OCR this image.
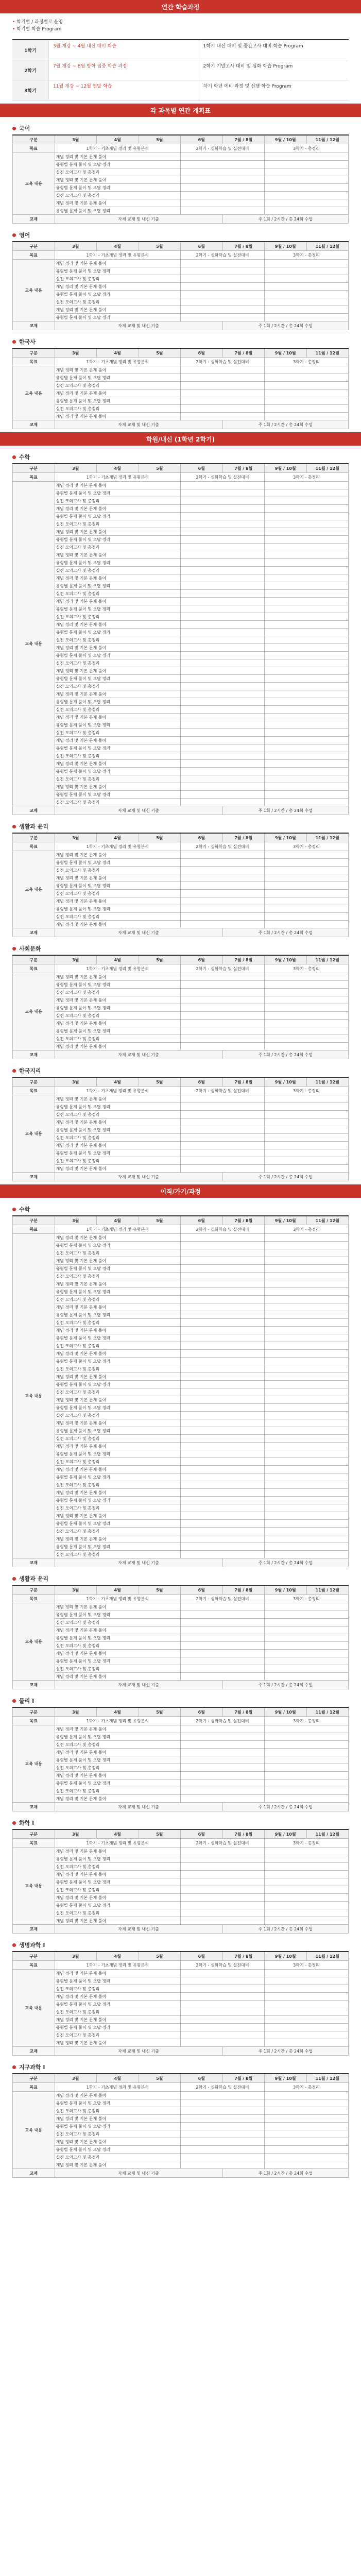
연간 학습과정
• 학기별 / 과정별로 운영
• 학기별 학습 Program
1학기
3월 개강 ~ 4월 내신 대비 학습	1학기 내신 대비 및 중간고사 대비 학습 Program
2학기
7월 개강 ~ 8월 방학 집중 학습 과정	2학기 기말고사 대비 및 심화 학습 Program
3학기
11월 개강 ~ 12월 연말 학습	차기 학년 예비 과정 및 선행 학습 Program
각 과목별 연간 계획표
국어
구분	3월	4월	5월	6월	7월 / 8월	9월 / 10월	11월 / 12월
목표	1학기 - 기초개념 정리 및 유형분석			2학기 - 심화학습 및 실전대비		3학기 - 총정리	
교육 내용	개념 정리 및 기본 문제 풀이						
	유형별 문제 풀이 및 오답 정리						
	실전 모의고사 및 총정리						
	개념 정리 및 기본 문제 풀이						
	유형별 문제 풀이 및 오답 정리						
	실전 모의고사 및 총정리						
	개념 정리 및 기본 문제 풀이						
	유형별 문제 풀이 및 오답 정리						
교재	자체 교재 및 내신 기출				주 1회 / 2시간 / 총 24회 수업		
영어
구분	3월	4월	5월	6월	7월 / 8월	9월 / 10월	11월 / 12월
목표	1학기 - 기초개념 정리 및 유형분석			2학기 - 심화학습 및 실전대비		3학기 - 총정리	
교육 내용	개념 정리 및 기본 문제 풀이						
	유형별 문제 풀이 및 오답 정리						
	실전 모의고사 및 총정리						
	개념 정리 및 기본 문제 풀이						
	유형별 문제 풀이 및 오답 정리						
	실전 모의고사 및 총정리						
	개념 정리 및 기본 문제 풀이						
	유형별 문제 풀이 및 오답 정리						
교재	자체 교재 및 내신 기출				주 1회 / 2시간 / 총 24회 수업		
한국사
구분	3월	4월	5월	6월	7월 / 8월	9월 / 10월	11월 / 12월
목표	1학기 - 기초개념 정리 및 유형분석			2학기 - 심화학습 및 실전대비		3학기 - 총정리	
교육 내용	개념 정리 및 기본 문제 풀이						
	유형별 문제 풀이 및 오답 정리						
	실전 모의고사 및 총정리						
	개념 정리 및 기본 문제 풀이						
	유형별 문제 풀이 및 오답 정리						
	실전 모의고사 및 총정리						
	개념 정리 및 기본 문제 풀이						
교재	자체 교재 및 내신 기출				주 1회 / 2시간 / 총 24회 수업		
학원/내신 (1학년 2학기)
수학
구분	3월	4월	5월	6월	7월 / 8월	9월 / 10월	11월 / 12월
목표	1학기 - 기초개념 정리 및 유형분석			2학기 - 심화학습 및 실전대비		3학기 - 총정리	
교육 내용	개념 정리 및 기본 문제 풀이						
	유형별 문제 풀이 및 오답 정리						
	실전 모의고사 및 총정리						
	개념 정리 및 기본 문제 풀이						
	유형별 문제 풀이 및 오답 정리						
	실전 모의고사 및 총정리						
	개념 정리 및 기본 문제 풀이						
	유형별 문제 풀이 및 오답 정리						
	실전 모의고사 및 총정리						
	개념 정리 및 기본 문제 풀이						
	유형별 문제 풀이 및 오답 정리						
	실전 모의고사 및 총정리						
	개념 정리 및 기본 문제 풀이						
	유형별 문제 풀이 및 오답 정리						
	실전 모의고사 및 총정리						
	개념 정리 및 기본 문제 풀이						
	유형별 문제 풀이 및 오답 정리						
	실전 모의고사 및 총정리						
	개념 정리 및 기본 문제 풀이						
	유형별 문제 풀이 및 오답 정리						
	실전 모의고사 및 총정리						
	개념 정리 및 기본 문제 풀이						
	유형별 문제 풀이 및 오답 정리						
	실전 모의고사 및 총정리						
	개념 정리 및 기본 문제 풀이						
	유형별 문제 풀이 및 오답 정리						
	실전 모의고사 및 총정리						
	개념 정리 및 기본 문제 풀이						
	유형별 문제 풀이 및 오답 정리						
	실전 모의고사 및 총정리						
	개념 정리 및 기본 문제 풀이						
	유형별 문제 풀이 및 오답 정리						
	실전 모의고사 및 총정리						
	개념 정리 및 기본 문제 풀이						
	유형별 문제 풀이 및 오답 정리						
	실전 모의고사 및 총정리						
	개념 정리 및 기본 문제 풀이						
	유형별 문제 풀이 및 오답 정리						
	실전 모의고사 및 총정리						
	개념 정리 및 기본 문제 풀이						
	유형별 문제 풀이 및 오답 정리						
	실전 모의고사 및 총정리						
교재	자체 교재 및 내신 기출				주 1회 / 2시간 / 총 24회 수업		
생활과 윤리
구분	3월	4월	5월	6월	7월 / 8월	9월 / 10월	11월 / 12월
목표	1학기 - 기초개념 정리 및 유형분석			2학기 - 심화학습 및 실전대비		3학기 - 총정리	
교육 내용	개념 정리 및 기본 문제 풀이						
	유형별 문제 풀이 및 오답 정리						
	실전 모의고사 및 총정리						
	개념 정리 및 기본 문제 풀이						
	유형별 문제 풀이 및 오답 정리						
	실전 모의고사 및 총정리						
	개념 정리 및 기본 문제 풀이						
	유형별 문제 풀이 및 오답 정리						
	실전 모의고사 및 총정리						
	개념 정리 및 기본 문제 풀이						
교재	자체 교재 및 내신 기출				주 1회 / 2시간 / 총 24회 수업		
사회문화
구분	3월	4월	5월	6월	7월 / 8월	9월 / 10월	11월 / 12월
목표	1학기 - 기초개념 정리 및 유형분석			2학기 - 심화학습 및 실전대비		3학기 - 총정리	
교육 내용	개념 정리 및 기본 문제 풀이						
	유형별 문제 풀이 및 오답 정리						
	실전 모의고사 및 총정리						
	개념 정리 및 기본 문제 풀이						
	유형별 문제 풀이 및 오답 정리						
	실전 모의고사 및 총정리						
	개념 정리 및 기본 문제 풀이						
	유형별 문제 풀이 및 오답 정리						
	실전 모의고사 및 총정리						
	개념 정리 및 기본 문제 풀이						
교재	자체 교재 및 내신 기출				주 1회 / 2시간 / 총 24회 수업		
한국지리
구분	3월	4월	5월	6월	7월 / 8월	9월 / 10월	11월 / 12월
목표	1학기 - 기초개념 정리 및 유형분석			2학기 - 심화학습 및 실전대비		3학기 - 총정리	
교육 내용	개념 정리 및 기본 문제 풀이						
	유형별 문제 풀이 및 오답 정리						
	실전 모의고사 및 총정리						
	개념 정리 및 기본 문제 풀이						
	유형별 문제 풀이 및 오답 정리						
	실전 모의고사 및 총정리						
	개념 정리 및 기본 문제 풀이						
	유형별 문제 풀이 및 오답 정리						
	실전 모의고사 및 총정리						
	개념 정리 및 기본 문제 풀이						
교재	자체 교재 및 내신 기출				주 1회 / 2시간 / 총 24회 수업		
이직/가기/과정
수학
구분	3월	4월	5월	6월	7월 / 8월	9월 / 10월	11월 / 12월
목표	1학기 - 기초개념 정리 및 유형분석			2학기 - 심화학습 및 실전대비		3학기 - 총정리	
교육 내용	개념 정리 및 기본 문제 풀이						
	유형별 문제 풀이 및 오답 정리						
	실전 모의고사 및 총정리						
	개념 정리 및 기본 문제 풀이						
	유형별 문제 풀이 및 오답 정리						
	실전 모의고사 및 총정리						
	개념 정리 및 기본 문제 풀이						
	유형별 문제 풀이 및 오답 정리						
	실전 모의고사 및 총정리						
	개념 정리 및 기본 문제 풀이						
	유형별 문제 풀이 및 오답 정리						
	실전 모의고사 및 총정리						
	개념 정리 및 기본 문제 풀이						
	유형별 문제 풀이 및 오답 정리						
	실전 모의고사 및 총정리						
	개념 정리 및 기본 문제 풀이						
	유형별 문제 풀이 및 오답 정리						
	실전 모의고사 및 총정리						
	개념 정리 및 기본 문제 풀이						
	유형별 문제 풀이 및 오답 정리						
	실전 모의고사 및 총정리						
	개념 정리 및 기본 문제 풀이						
	유형별 문제 풀이 및 오답 정리						
	실전 모의고사 및 총정리						
	개념 정리 및 기본 문제 풀이						
	유형별 문제 풀이 및 오답 정리						
	실전 모의고사 및 총정리						
	개념 정리 및 기본 문제 풀이						
	유형별 문제 풀이 및 오답 정리						
	실전 모의고사 및 총정리						
	개념 정리 및 기본 문제 풀이						
	유형별 문제 풀이 및 오답 정리						
	실전 모의고사 및 총정리						
	개념 정리 및 기본 문제 풀이						
	유형별 문제 풀이 및 오답 정리						
	실전 모의고사 및 총정리						
	개념 정리 및 기본 문제 풀이						
	유형별 문제 풀이 및 오답 정리						
	실전 모의고사 및 총정리						
	개념 정리 및 기본 문제 풀이						
	유형별 문제 풀이 및 오답 정리						
	실전 모의고사 및 총정리						
교재	자체 교재 및 내신 기출				주 1회 / 2시간 / 총 24회 수업		
생활과 윤리
구분	3월	4월	5월	6월	7월 / 8월	9월 / 10월	11월 / 12월
목표	1학기 - 기초개념 정리 및 유형분석			2학기 - 심화학습 및 실전대비		3학기 - 총정리	
교육 내용	개념 정리 및 기본 문제 풀이						
	유형별 문제 풀이 및 오답 정리						
	실전 모의고사 및 총정리						
	개념 정리 및 기본 문제 풀이						
	유형별 문제 풀이 및 오답 정리						
	실전 모의고사 및 총정리						
	개념 정리 및 기본 문제 풀이						
	유형별 문제 풀이 및 오답 정리						
	실전 모의고사 및 총정리						
	개념 정리 및 기본 문제 풀이						
교재	자체 교재 및 내신 기출				주 1회 / 2시간 / 총 24회 수업		
물리 I
구분	3월	4월	5월	6월	7월 / 8월	9월 / 10월	11월 / 12월
목표	1학기 - 기초개념 정리 및 유형분석			2학기 - 심화학습 및 실전대비		3학기 - 총정리	
교육 내용	개념 정리 및 기본 문제 풀이						
	유형별 문제 풀이 및 오답 정리						
	실전 모의고사 및 총정리						
	개념 정리 및 기본 문제 풀이						
	유형별 문제 풀이 및 오답 정리						
	실전 모의고사 및 총정리						
	개념 정리 및 기본 문제 풀이						
	유형별 문제 풀이 및 오답 정리						
	실전 모의고사 및 총정리						
	개념 정리 및 기본 문제 풀이						
교재	자체 교재 및 내신 기출				주 1회 / 2시간 / 총 24회 수업		
화학 I
구분	3월	4월	5월	6월	7월 / 8월	9월 / 10월	11월 / 12월
목표	1학기 - 기초개념 정리 및 유형분석			2학기 - 심화학습 및 실전대비		3학기 - 총정리	
교육 내용	개념 정리 및 기본 문제 풀이						
	유형별 문제 풀이 및 오답 정리						
	실전 모의고사 및 총정리						
	개념 정리 및 기본 문제 풀이						
	유형별 문제 풀이 및 오답 정리						
	실전 모의고사 및 총정리						
	개념 정리 및 기본 문제 풀이						
	유형별 문제 풀이 및 오답 정리						
	실전 모의고사 및 총정리						
	개념 정리 및 기본 문제 풀이						
교재	자체 교재 및 내신 기출				주 1회 / 2시간 / 총 24회 수업		
생명과학 I
구분	3월	4월	5월	6월	7월 / 8월	9월 / 10월	11월 / 12월
목표	1학기 - 기초개념 정리 및 유형분석			2학기 - 심화학습 및 실전대비		3학기 - 총정리	
교육 내용	개념 정리 및 기본 문제 풀이						
	유형별 문제 풀이 및 오답 정리						
	실전 모의고사 및 총정리						
	개념 정리 및 기본 문제 풀이						
	유형별 문제 풀이 및 오답 정리						
	실전 모의고사 및 총정리						
	개념 정리 및 기본 문제 풀이						
	유형별 문제 풀이 및 오답 정리						
	실전 모의고사 및 총정리						
	개념 정리 및 기본 문제 풀이						
교재	자체 교재 및 내신 기출				주 1회 / 2시간 / 총 24회 수업		
지구과학 I
구분	3월	4월	5월	6월	7월 / 8월	9월 / 10월	11월 / 12월
목표	1학기 - 기초개념 정리 및 유형분석			2학기 - 심화학습 및 실전대비		3학기 - 총정리	
교육 내용	개념 정리 및 기본 문제 풀이						
	유형별 문제 풀이 및 오답 정리						
	실전 모의고사 및 총정리						
	개념 정리 및 기본 문제 풀이						
	유형별 문제 풀이 및 오답 정리						
	실전 모의고사 및 총정리						
	개념 정리 및 기본 문제 풀이						
	유형별 문제 풀이 및 오답 정리						
	실전 모의고사 및 총정리						
	개념 정리 및 기본 문제 풀이						
교재	자체 교재 및 내신 기출				주 1회 / 2시간 / 총 24회 수업		
